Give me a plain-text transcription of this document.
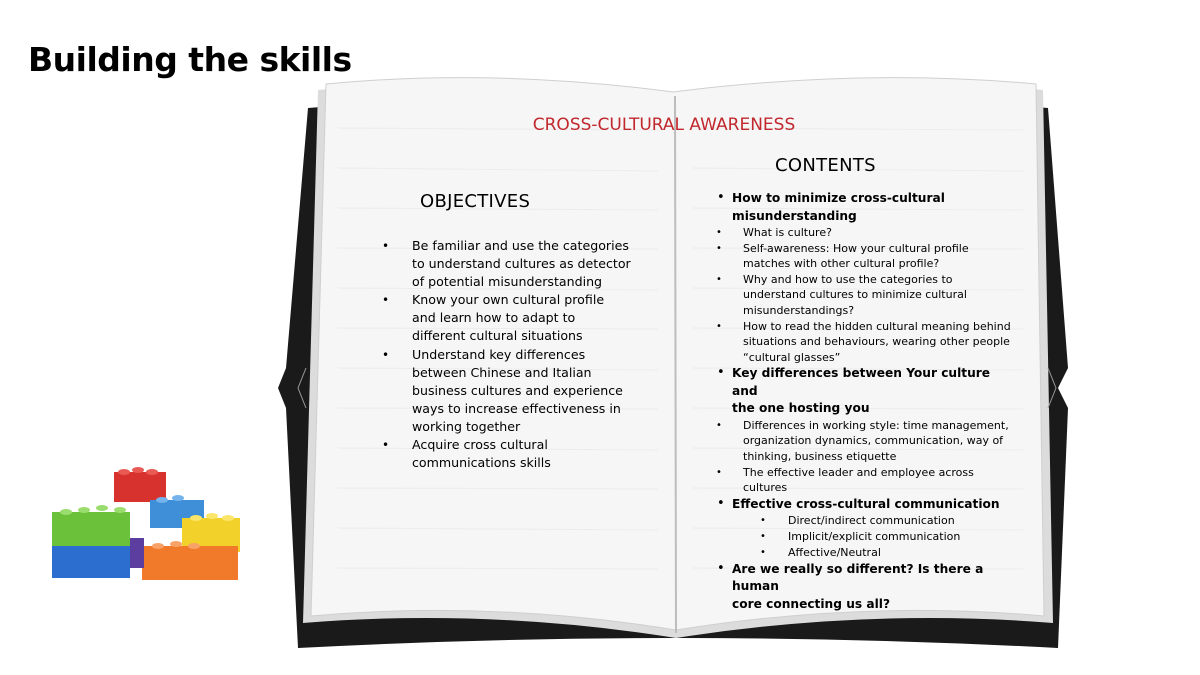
Building the skills
CROSS-CULTURAL AWARENESS
OBJECTIVES
CONTENTS
• Be familiar and use the categories
to understand cultures as detector
of potential misunderstanding
• Know your own cultural profile
and learn how to adapt to
different cultural situations
• Understand key differences
between Chinese and Italian
business cultures and experience
ways to increase effectiveness in
working together
• Acquire cross cultural
communications skills
• How to minimize cross-cultural
misunderstanding
• What is culture?
• Self-awareness: How your cultural profile
matches with other cultural profile?
• Why and how to use the categories to
understand cultures to minimize cultural
misunderstandings?
• How to read the hidden cultural meaning behind
situations and behaviours, wearing other people
“cultural glasses”
• Key differences between Your culture and
the one hosting you
• Differences in working style: time management,
organization dynamics, communication, way of
thinking, business etiquette
• The effective leader and employee across
cultures
• Effective cross-cultural communication
• Direct/indirect communication
• Implicit/explicit communication
• Affective/Neutral
• Are we really so different? Is there a human
core connecting us all?
